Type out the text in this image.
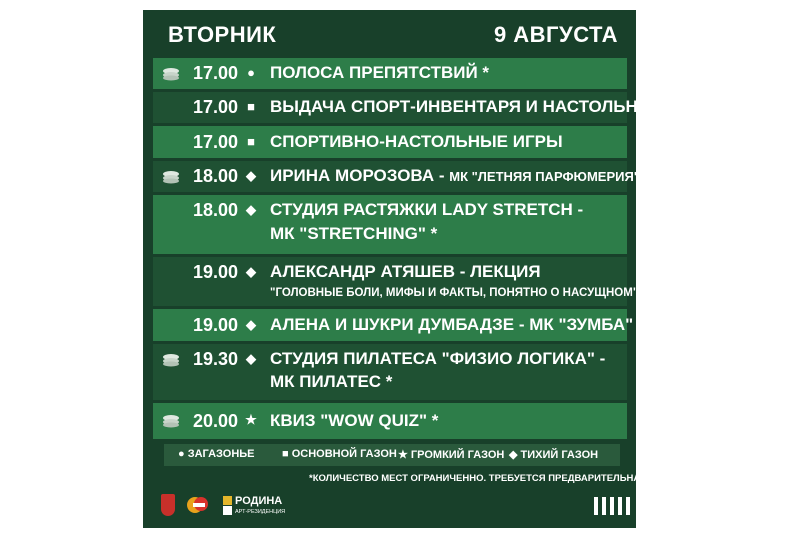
ВТОРНИК	9 АВГУСТА
17.00 ● ПОЛОСА ПРЕПЯТСТВИЙ *
17.00 ■ ВЫДАЧА СПОРТ-ИНВЕНТАРЯ И НАСТОЛЬНЫХ ИГР
17.00 ■ СПОРТИВНО-НАСТОЛЬНЫЕ ИГРЫ
18.00 ◆ ИРИНА МОРОЗОВА - МК "ЛЕТНЯЯ ПАРФЮМЕРИЯ" *
18.00 ◆ СТУДИЯ РАСТЯЖКИ LADY STRETCH -
МК "STRETCHING" *
19.00 ◆ АЛЕКСАНДР АТЯШЕВ - ЛЕКЦИЯ
"ГОЛОВНЫЕ БОЛИ, МИФЫ И ФАКТЫ, ПОНЯТНО О НАСУЩНОМ"
19.00 ◆ АЛЕНА И ШУКРИ ДУМБАДЗЕ - МК "ЗУМБА"
19.30 ◆ СТУДИЯ ПИЛАТЕСА "ФИЗИО ЛОГИКА" -
МК ПИЛАТЕС *
20.00 ★ КВИЗ "WOW QUIZ" *
● ЗАГАЗОНЬЕ ■ ОСНОВНОЙ ГАЗОН ★ ГРОМКИЙ ГАЗОН ◆ ТИХИЙ ГАЗОН
*КОЛИЧЕСТВО МЕСТ ОГРАНИЧЕННО. ТРЕБУЕТСЯ ПРЕДВАРИТЕЛЬНАЯ РЕГИСТРАЦИЯ
РОДИНА
АРТ-РЕЗИДЕНЦИЯ
